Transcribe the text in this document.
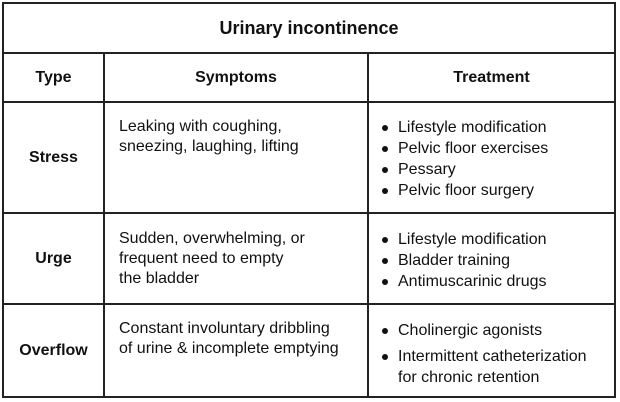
Urinary incontinence
Type	Symptoms	Treatment
Stress
Leaking with coughing,
sneezing, laughing, lifting
Lifestyle modification
Pelvic floor exercises
Pessary
Pelvic floor surgery
Urge
Sudden, overwhelming, or
frequent need to empty
the bladder
Lifestyle modification
Bladder training
Antimuscarinic drugs
Overflow
Constant involuntary dribbling
of urine & incomplete emptying
Cholinergic agonists
Intermittent catheterization
for chronic retention
